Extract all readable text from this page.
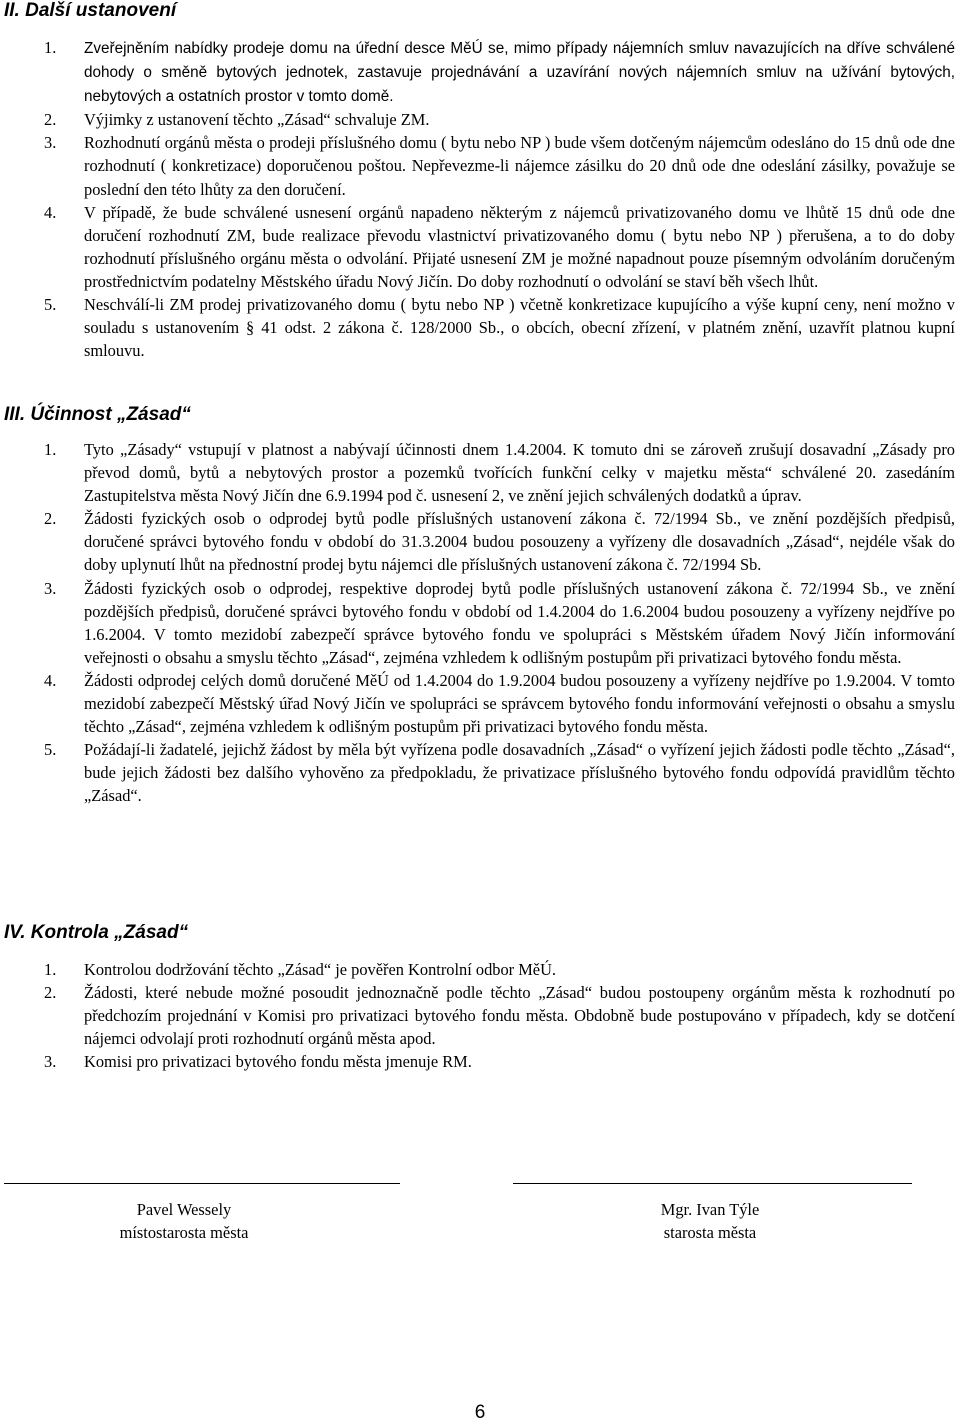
II. Další ustanovení
1. Zveřejněním nabídky prodeje domu na úřední desce MěÚ se, mimo případy nájemních smluv navazujících na dříve schválené dohody o směně bytových jednotek, zastavuje projednávání a uzavírání nových nájemních smluv na užívání bytových, nebytových a ostatních prostor v tomto domě.
2. Výjimky z ustanovení těchto „Zásad“ schvaluje ZM.
3. Rozhodnutí orgánů města o prodeji příslušného domu ( bytu nebo NP ) bude všem dotčeným nájemcům odesláno do 15 dnů ode dne rozhodnutí ( konkretizace) doporučenou poštou. Nepřevezme-li nájemce zásilku do 20 dnů ode dne odeslání zásilky, považuje se poslední den této lhůty za den doručení.
4. V případě, že bude schválené usnesení orgánů napadeno některým z nájemců privatizovaného domu ve lhůtě 15 dnů ode dne doručení rozhodnutí ZM, bude realizace převodu vlastnictví privatizovaného domu ( bytu nebo NP ) přerušena, a to do doby rozhodnutí příslušného orgánu města o odvolání. Přijaté usnesení ZM je možné napadnout pouze písemným odvoláním doručeným prostřednictvím podatelny Městského úřadu Nový Jičín. Do doby rozhodnutí o odvolání se staví běh všech lhůt.
5. Neschválí-li ZM prodej privatizovaného domu ( bytu nebo NP ) včetně konkretizace kupujícího a výše kupní ceny, není možno v souladu s ustanovením § 41 odst. 2 zákona č. 128/2000 Sb., o obcích, obecní zřízení, v platném znění, uzavřít platnou kupní smlouvu.
III. Účinnost „Zásad“
1. Tyto „Zásady“ vstupují v platnost a nabývají účinnosti dnem 1.4.2004. K tomuto dni se zároveň zrušují dosavadní „Zásady pro převod domů, bytů a nebytových prostor a pozemků tvořících funkční celky v majetku města“ schválené 20. zasedáním Zastupitelstva města Nový Jičín dne 6.9.1994 pod č. usnesení 2, ve znění jejich schválených dodatků a úprav.
2. Žádosti fyzických osob o odprodej bytů podle příslušných ustanovení zákona č. 72/1994 Sb., ve znění pozdějších předpisů, doručené správci bytového fondu v období do 31.3.2004 budou posouzeny a vyřízeny dle dosavadních „Zásad“, nejdéle však do doby uplynutí lhůt na přednostní prodej bytu nájemci dle příslušných ustanovení zákona č. 72/1994 Sb.
3. Žádosti fyzických osob o odprodej, respektive doprodej bytů podle příslušných ustanovení zákona č. 72/1994 Sb., ve znění pozdějších předpisů, doručené správci bytového fondu v období od 1.4.2004 do 1.6.2004 budou posouzeny a vyřízeny nejdříve po 1.6.2004. V tomto mezidobí zabezpečí správce bytového fondu ve spolupráci s Městském úřadem Nový Jičín informování veřejnosti o obsahu a smyslu těchto „Zásad“, zejména vzhledem k odlišným postupům při privatizaci bytového fondu města.
4. Žádosti odprodej celých domů doručené MěÚ od 1.4.2004 do 1.9.2004 budou posouzeny a vyřízeny nejdříve po 1.9.2004. V tomto mezidobí zabezpečí Městský úřad Nový Jičín ve spolupráci se správcem bytového fondu informování veřejnosti o obsahu a smyslu těchto „Zásad“, zejména vzhledem k odlišným postupům při privatizaci bytového fondu města.
5. Požádají-li žadatelé, jejichž žádost by měla být vyřízena podle dosavadních „Zásad“ o vyřízení jejich žádosti podle těchto „Zásad“, bude jejich žádosti bez dalšího vyhověno za předpokladu, že privatizace příslušného bytového fondu odpovídá pravidlům těchto „Zásad“.
IV. Kontrola „Zásad“
1. Kontrolou dodržování těchto „Zásad“ je pověřen Kontrolní odbor MěÚ.
2. Žádosti, které nebude možné posoudit jednoznačně podle těchto „Zásad“ budou postoupeny orgánům města k rozhodnutí po předchozím projednání v Komisi pro privatizaci bytového fondu města. Obdobně bude postupováno v případech, kdy se dotčení nájemci odvolají proti rozhodnutí orgánů města apod.
3. Komisi pro privatizaci bytového fondu města jmenuje RM.
Pavel Wessely
místostarosta města
Mgr. Ivan Týle
starosta města
6
